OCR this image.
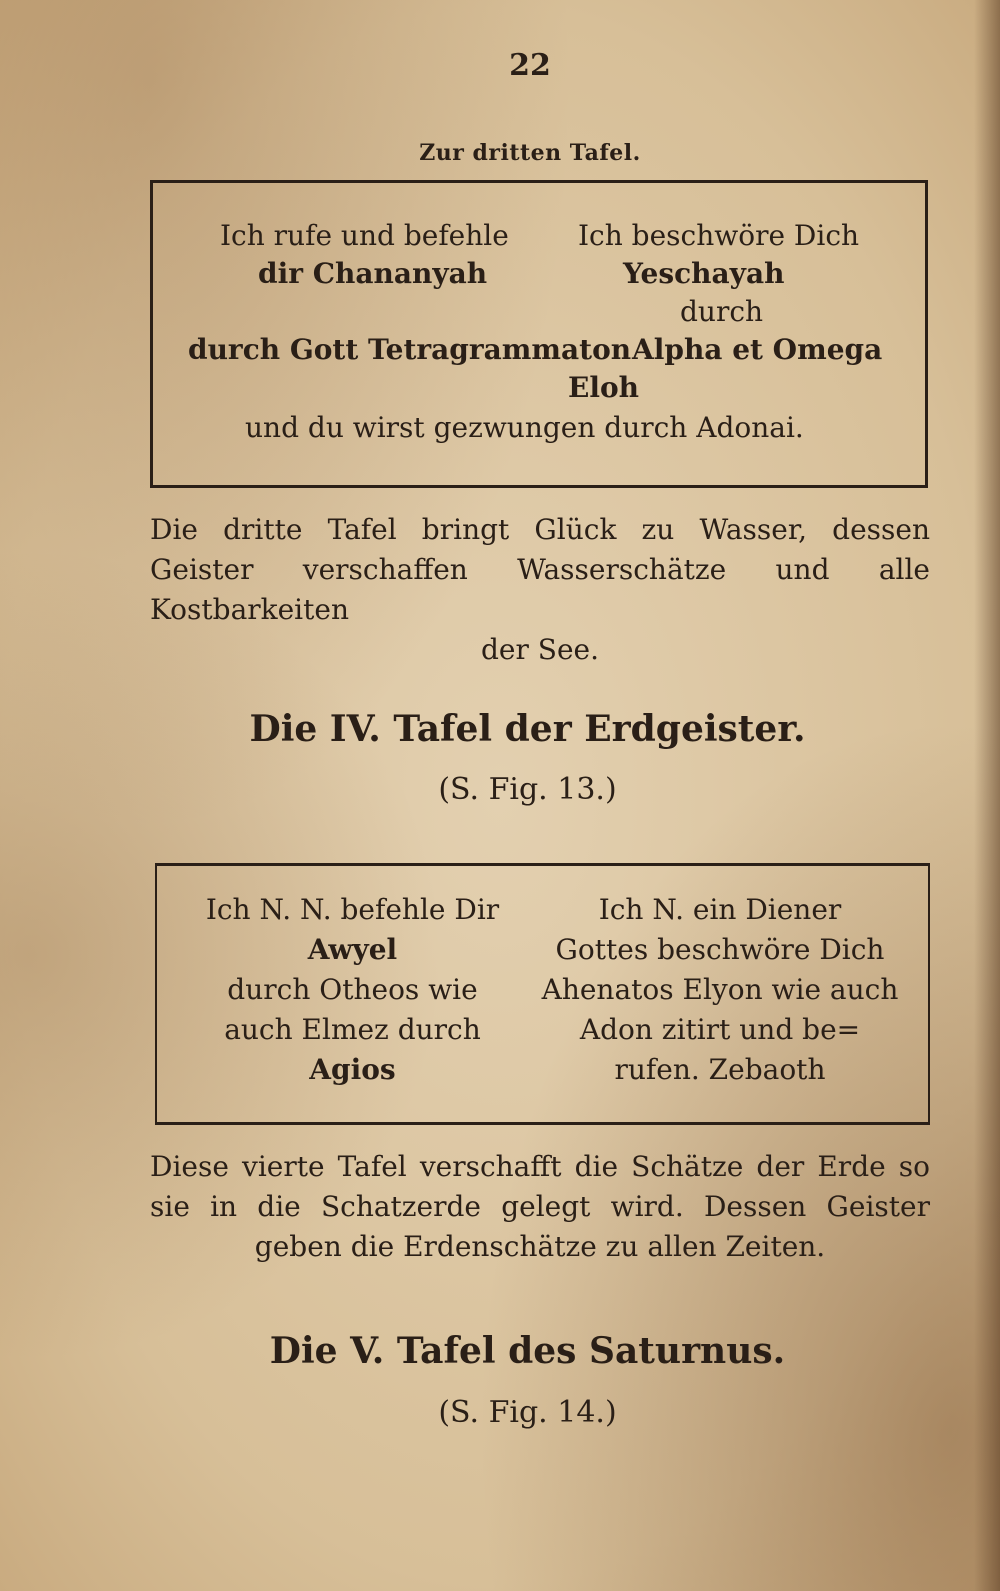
22
Zur dritten Tafel.
Ich rufe und befehle Ich beschwöre Dich
dir Chananyah	Yeschayah
durch
durch Gott Tetragrammaton Alpha et Omega
Eloh
und du wirst gezwungen durch Adonai.
Die dritte Tafel bringt Glück zu Wasser, dessen
Geister verschaffen Wasserschätze und alle Kostbarkeiten
der See.
Die IV. Tafel der Erdgeister.
(S. Fig. 13.)
Ich N. N. befehle Dir
Awyel
durch Otheos wie
auch Elmez durch
Agios
Ich N. ein Diener
Gottes beschwöre Dich
Ahenatos Elyon wie auch
Adon zitirt und be=
rufen. Zebaoth
Diese vierte Tafel verschafft die Schätze der Erde so
sie in die Schatzerde gelegt wird. Dessen Geister
geben die Erdenschätze zu allen Zeiten.
Die V. Tafel des Saturnus.
(S. Fig. 14.)
